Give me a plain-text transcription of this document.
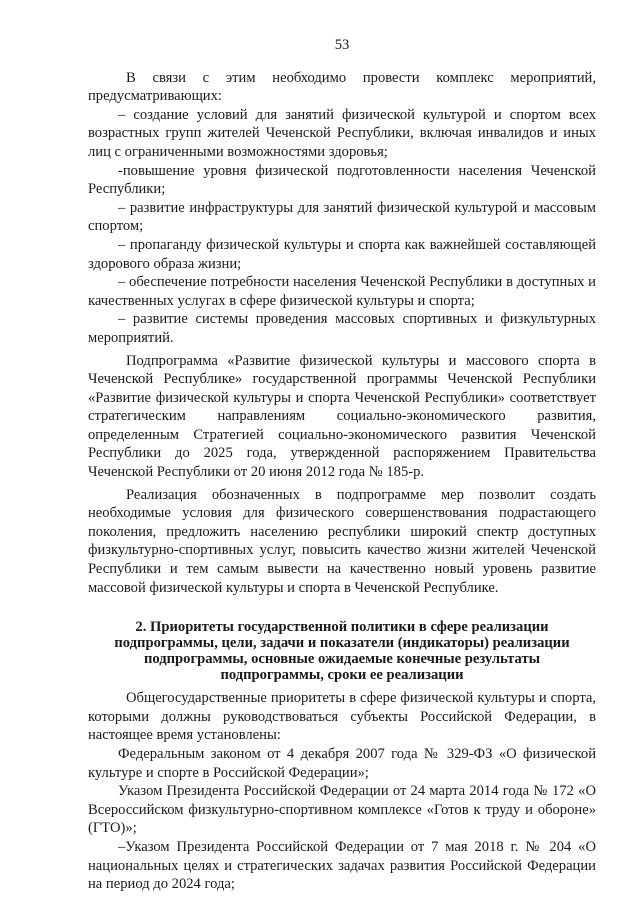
53

В связи с этим необходимо провести комплекс мероприятий, предусматривающих:

– создание условий для занятий физической культурой и спортом всех возрастных групп жителей Чеченской Республики, включая инвалидов и иных лиц с ограниченными возможностями здоровья;

-повышение уровня физической подготовленности населения Чеченской Республики;

– развитие инфраструктуры для занятий физической культурой и массовым спортом;

– пропаганду физической культуры и спорта как важнейшей составляющей здорового образа жизни;

– обеспечение потребности населения Чеченской Республики в доступных и качественных услугах в сфере физической культуры и спорта;

– развитие системы проведения массовых спортивных и физкультурных мероприятий.

Подпрограмма «Развитие физической культуры и массового спорта в Чеченской Республике» государственной программы Чеченской Республики «Развитие физической культуры и спорта Чеченской Республики» соответствует стратегическим направлениям социально-экономического развития, определенным Стратегией социально-экономического развития Чеченской Республики до 2025 года, утвержденной распоряжением Правительства Чеченской Республики от 20 июня 2012 года № 185-р.

Реализация обозначенных в подпрограмме мер позволит создать необходимые условия для физического совершенствования подрастающего поколения, предложить населению республики широкий спектр доступных физкультурно-спортивных услуг, повысить качество жизни жителей Чеченской Республики и тем самым вывести на качественно новый уровень развитие массовой физической культуры и спорта в Чеченской Республике.

2. Приоритеты государственной политики в сфере реализации подпрограммы, цели, задачи и показатели (индикаторы) реализации подпрограммы, основные ожидаемые конечные результаты подпрограммы, сроки ее реализации

Общегосударственные приоритеты в сфере физической культуры и спорта, которыми должны руководствоваться субъекты Российской Федерации, в настоящее время установлены:

Федеральным законом от 4 декабря 2007 года № 329-ФЗ «О физической культуре и спорте в Российской Федерации»;

Указом Президента Российской Федерации от 24 марта 2014 года № 172 «О Всероссийском физкультурно-спортивном комплексе «Готов к труду и обороне» (ГТО)»;

–Указом Президента Российской Федерации от 7 мая 2018 г. № 204 «О национальных целях и стратегических задачах развития Российской Федерации на период до 2024 года;
